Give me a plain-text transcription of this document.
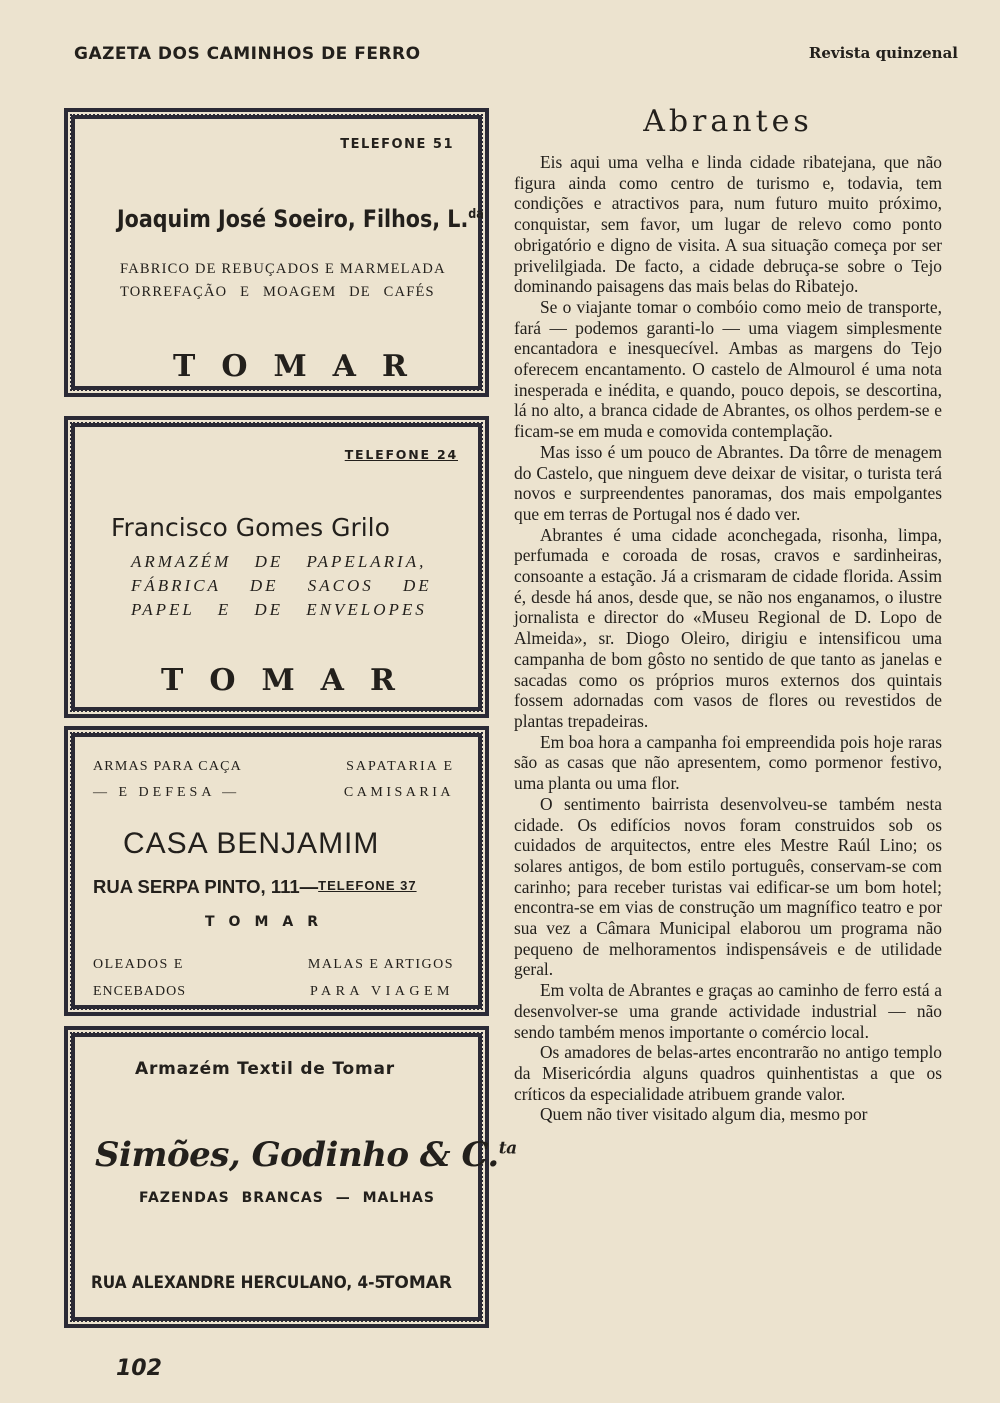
GAZETA DOS CAMINHOS DE FERRO	Revista quinzenal
TELEFONE 51
Joaquim José Soeiro, Filhos, L.$^{da}$
FABRICO DE REBUÇADOS E MARMELADA
TORREFAÇÃO E MOAGEM DE CAFÉS
TOMAR
TELEFONE 24
Francisco Gomes Grilo
ARMAZÉM DE PAPELARIA,
FÁBRICA DE SACOS DE
PAPEL E DE ENVELOPES
TOMAR
ARMAS PARA CAÇA
— E DEFESA —
SAPATARIA E
CAMISARIA
CASA BENJAMIM
RUA SERPA PINTO, 111—TELEFONE 37
TOMAR
OLEADOS E
ENCEBADOS
MALAS E ARTIGOS
PARA VIAGEM
Armazém Textil de Tomar
Simões, Godinho & C.$^{ta}$
FAZENDAS BRANCAS — MALHAS
RUA ALEXANDRE HERCULANO, 4-5
TOMAR
Abrantes

Eis aqui uma velha e linda cidade ribatejana, que não figura ainda como centro de turismo e, todavia, tem condições e atractivos para, num futuro muito próximo, conquistar, sem favor, um lugar de relevo como ponto obrigatório e digno de visita. A sua situação começa por ser privelilgiada. De facto, a cidade debruça-se sobre o Tejo dominando paisagens das mais belas do Ribatejo.

Se o viajante tomar o combóio como meio de transporte, fará — podemos garanti-lo — uma viagem simplesmente encantadora e inesquecível. Ambas as margens do Tejo oferecem encantamento. O castelo de Almourol é uma nota inesperada e inédita, e quando, pouco depois, se descortina, lá no alto, a branca cidade de Abrantes, os olhos perdem-se e ficam-se em muda e comovida contemplação.

Mas isso é um pouco de Abrantes. Da tôrre de menagem do Castelo, que ninguem deve deixar de visitar, o turista terá novos e surpreendentes panoramas, dos mais empolgantes que em terras de Portugal nos é dado ver.

Abrantes é uma cidade aconchegada, risonha, limpa, perfumada e coroada de rosas, cravos e sardinheiras, consoante a estação. Já a crismaram de cidade florida. Assim é, desde há anos, desde que, se não nos enganamos, o ilustre jornalista e director do «Museu Regional de D. Lopo de Almeida», sr. Diogo Oleiro, dirigiu e intensificou uma campanha de bom gôsto no sentido de que tanto as janelas e sacadas como os próprios muros externos dos quintais fossem adornadas com vasos de flores ou revestidos de plantas trepadeiras.

Em boa hora a campanha foi empreendida pois hoje raras são as casas que não apresentem, como pormenor festivo, uma planta ou uma flor.

O sentimento bairrista desenvolveu-se também nesta cidade. Os edifícios novos foram construidos sob os cuidados de arquitectos, entre eles Mestre Raúl Lino; os solares antigos, de bom estilo português, conservam-se com carinho; para receber turistas vai edificar-se um bom hotel; encontra-se em vias de construção um magnífico teatro e por sua vez a Câmara Municipal elaborou um programa não pequeno de melhoramentos indispensáveis e de utilidade geral.

Em volta de Abrantes e graças ao caminho de ferro está a desenvolver-se uma grande actividade industrial — não sendo também menos importante o comércio local.

Os amadores de belas-artes encontrarão no antigo templo da Misericórdia alguns quadros quinhentistas a que os críticos da especialidade atribuem grande valor.

Quem não tiver visitado algum dia, mesmo por

102
